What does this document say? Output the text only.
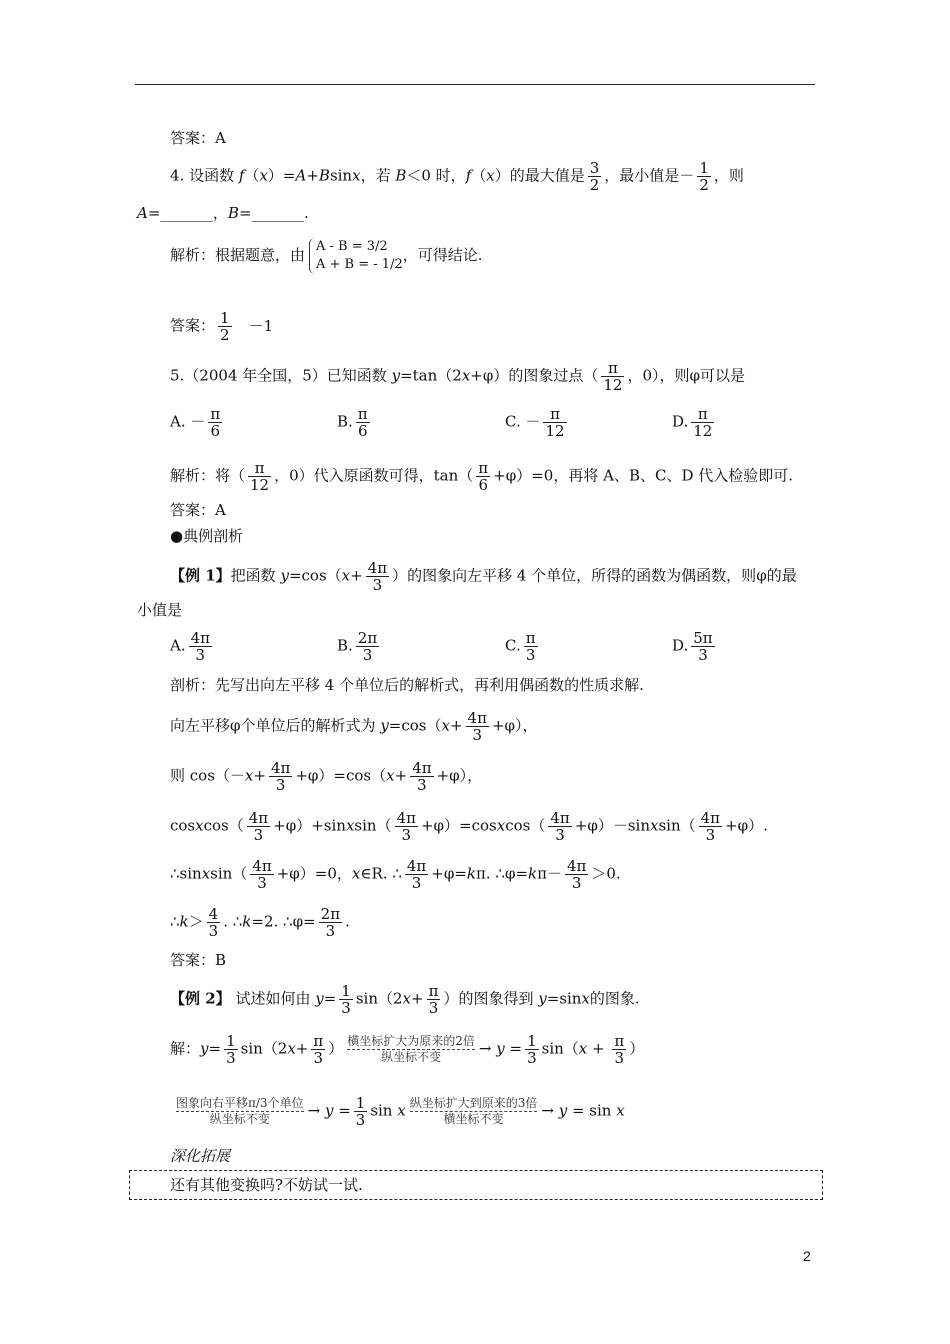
答案：A
4. 设函数 f（x）=A+Bsinx，若 B＜0 时，f（x）的最大值是 $\frac{3}{2}$ ，最小值是－ $\frac{1}{2}$ ，则
A=_______，B=_______.
解析：根据题意，由 A - B = 3/2
A + B = - 1/2
，可得结论.
答案： $\frac{1}{2} -1$
5.（2004 年全国，5）已知函数 y=tan（2x+φ）的图象过点（ $\frac{\pi}{12}$ ，0），则φ可以是
A. － $\frac{\pi}{6}$	B. $\frac{\pi}{6}$	C. － $\frac{\pi}{12}$	D. $\frac{\pi}{12}$
解析：将（ $\frac{\pi}{12}$ ，0）代入原函数可得，$\tan( \frac{\pi}{6} +\varphi)=0$，再将 A、B、C、D 代入检验即可.
答案：A
●典例剖析
【例 1】把函数 $y=\cos(x+ \frac{4\pi}{3}$ ）的图象向左平移 4 个单位，所得的函数为偶函数，则φ的最
小值是
A. $\frac{4\pi}{3}$	B. $\frac{2\pi}{3}$	C. $\frac{\pi}{3}$	D. $\frac{5\pi}{3}$
剖析：先写出向左平移 4 个单位后的解析式，再利用偶函数的性质求解.
向左平移φ个单位后的解析式为 $y=\cos(x+ \frac{4\pi}{3} +\varphi)$，
则 $\cos(-x+ \frac{4\pi}{3} +\varphi)=\cos(x+ \frac{4\pi}{3} +\varphi)$，
cosxcos（ $\frac{4\pi}{3}$ +φ）+sinxsin（ $\frac{4\pi}{3}$ +φ）=cosxcos（ $\frac{4\pi}{3}$ +φ）－sinxsin（ $\frac{4\pi}{3} +\varphi$）.
∴sinxsin（ $\frac{4\pi}{3} +\varphi)=0$，x∈R. ∴ $\frac{4\pi}{3} +\varphi=k\pi$. ∴φ=kπ－ $\frac{4\pi}{3} >0$.
∴k＞ $\frac{4}{3}$ . ∴k=2. ∴φ= $\frac{2\pi}{3}$ .
答案：B
【例 2】 试述如何由 $y= \frac{1}{3} \sin(2x+ \frac{\pi}{3}$ ）的图象得到 y=sinx的图象.
解：$y= \frac{1}{3} \sin(2x+ \frac{\pi}{3}$ ） 横坐标扩大为原来的2倍
纵坐标不变	→ $y = \frac{1}{3} \sin(x + \frac{\pi}{3}$ ）
图象向右平移π/3个单位
纵坐标不变	→ $y = \frac{1}{3}$ sin x 纵坐标扩大到原来的3倍
横坐标不变	→ y = sin x
深化拓展
还有其他变换吗?不妨试一试.
2
